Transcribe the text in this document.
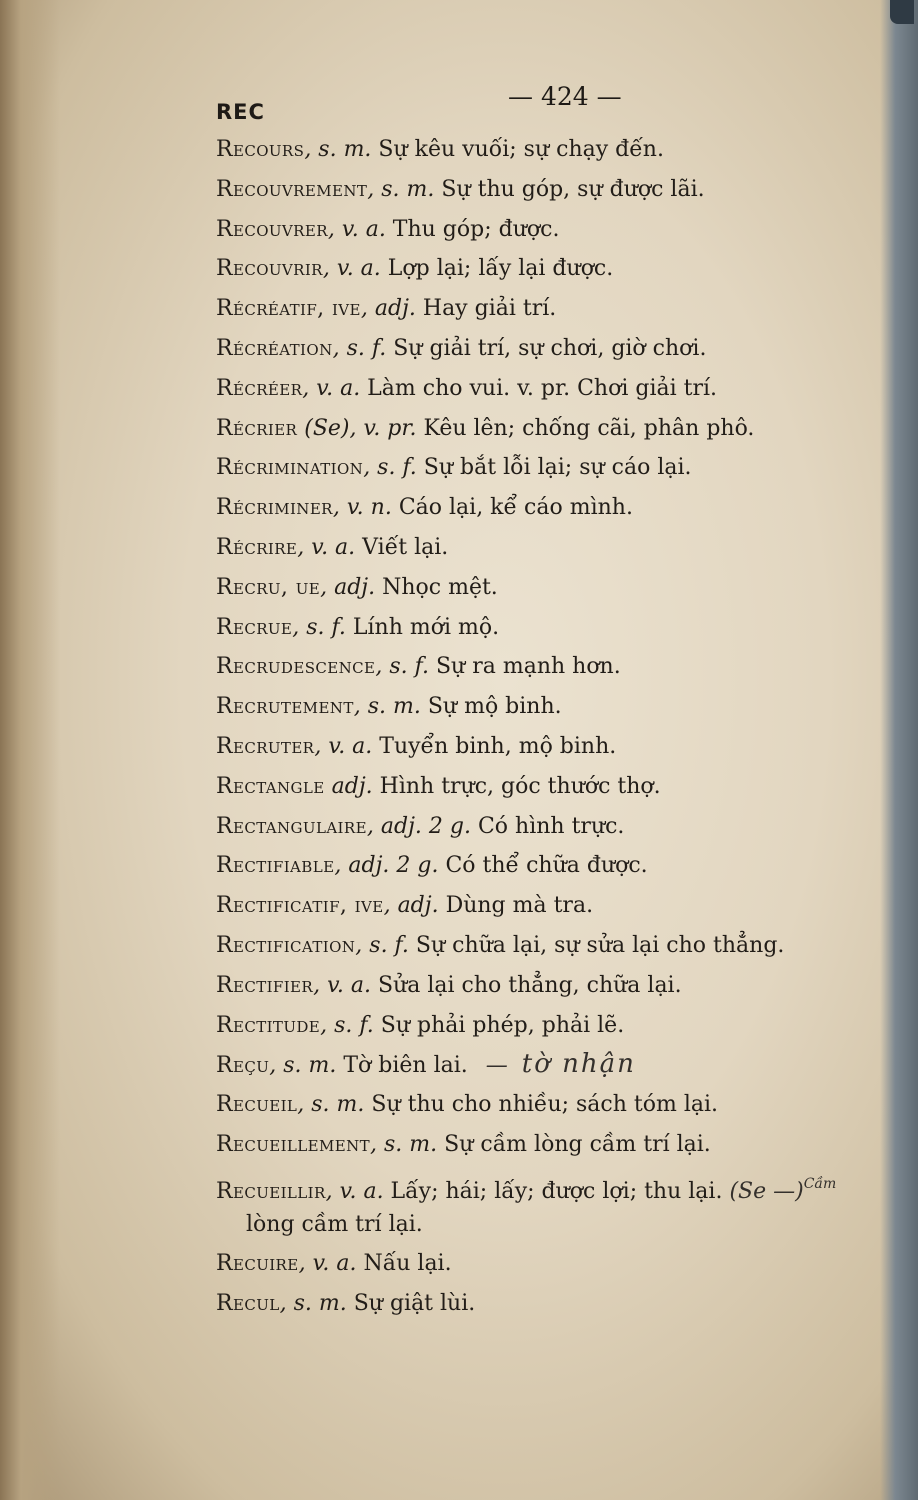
REC
— 424 —
Recours, s. m. Sự kêu vuối; sự chạy đến.
Recouvrement, s. m. Sự thu góp, sự được lãi.
Recouvrer, v. a. Thu góp; được.
Recouvrir, v. a. Lợp lại; lấy lại được.
Récréatif, ive, adj. Hay giải trí.
Récréation, s. f. Sự giải trí, sự chơi, giờ chơi.
Récréer, v. a. Làm cho vui. v. pr. Chơi giải trí.
Récrier (Se), v. pr. Kêu lên; chống cãi, phân phô.
Récrimination, s. f. Sự bắt lỗi lại; sự cáo lại.
Récriminer, v. n. Cáo lại, kể cáo mình.
Récrire, v. a. Viết lại.
Recru, ue, adj. Nhọc mệt.
Recrue, s. f. Lính mới mộ.
Recrudescence, s. f. Sự ra mạnh hơn.
Recrutement, s. m. Sự mộ binh.
Recruter, v. a. Tuyển binh, mộ binh.
Rectangle adj. Hình trực, góc thước thợ.
Rectangulaire, adj. 2 g. Có hình trực.
Rectifiable, adj. 2 g. Có thể chữa được.
Rectificatif, ive, adj. Dùng mà tra.
Rectification, s. f. Sự chữa lại, sự sửa lại cho thẳng.
Rectifier, v. a. Sửa lại cho thẳng, chữa lại.
Rectitude, s. f. Sự phải phép, phải lẽ.
Reçu, s. m. Tờ biên lai. — tờ nhận
Recueil, s. m. Sự thu cho nhiều; sách tóm lại.
Recueillement, s. m. Sự cầm lòng cầm trí lại.
Recueillir, v. a. Lấy; hái; lấy; được lợi; thu lại. (Se —)$^{Cầm}$
lòng cầm trí lại.
Recuire, v. a. Nấu lại.
Recul, s. m. Sự giật lùi.
